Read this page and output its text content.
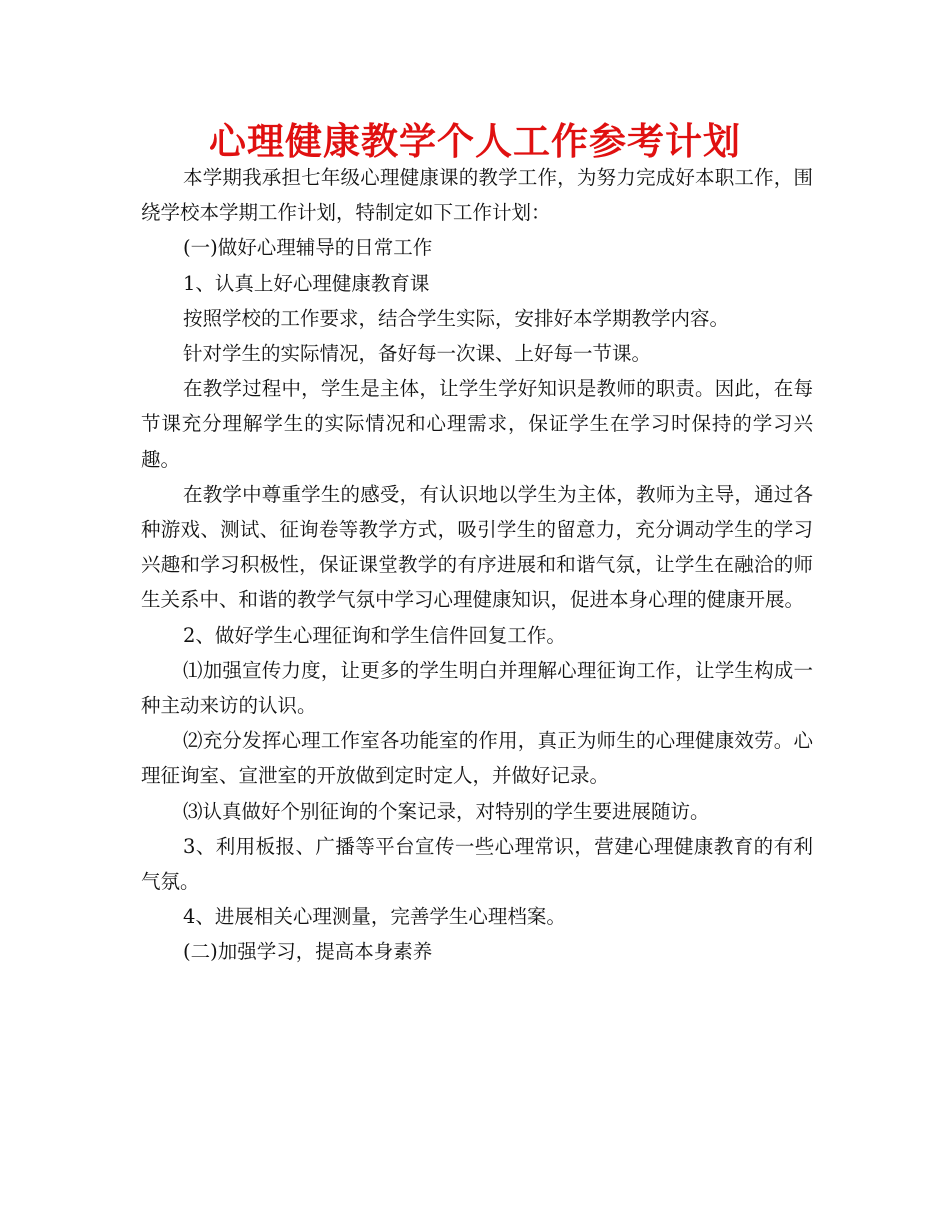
心理健康教学个人工作参考计划

本学期我承担七年级心理健康课的教学工作，为努力完成好本职工作，围绕学校本学期工作计划，特制定如下工作计划：

(一)做好心理辅导的日常工作

1、认真上好心理健康教育课

按照学校的工作要求，结合学生实际，安排好本学期教学内容。

针对学生的实际情况，备好每一次课、上好每一节课。

在教学过程中，学生是主体，让学生学好知识是教师的职责。因此，在每节课充分理解学生的实际情况和心理需求，保证学生在学习时保持的学习兴趣。

在教学中尊重学生的感受，有认识地以学生为主体，教师为主导，通过各种游戏、测试、征询卷等教学方式，吸引学生的留意力，充分调动学生的学习兴趣和学习积极性，保证课堂教学的有序进展和和谐气氛，让学生在融洽的师生关系中、和谐的教学气氛中学习心理健康知识，促进本身心理的健康开展。

2、做好学生心理征询和学生信件回复工作。

⑴加强宣传力度，让更多的学生明白并理解心理征询工作，让学生构成一种主动来访的认识。

⑵充分发挥心理工作室各功能室的作用，真正为师生的心理健康效劳。心理征询室、宣泄室的开放做到定时定人，并做好记录。

⑶认真做好个别征询的个案记录，对特别的学生要进展随访。

3、利用板报、广播等平台宣传一些心理常识，营建心理健康教育的有利气氛。

4、进展相关心理测量，完善学生心理档案。

(二)加强学习，提高本身素养
